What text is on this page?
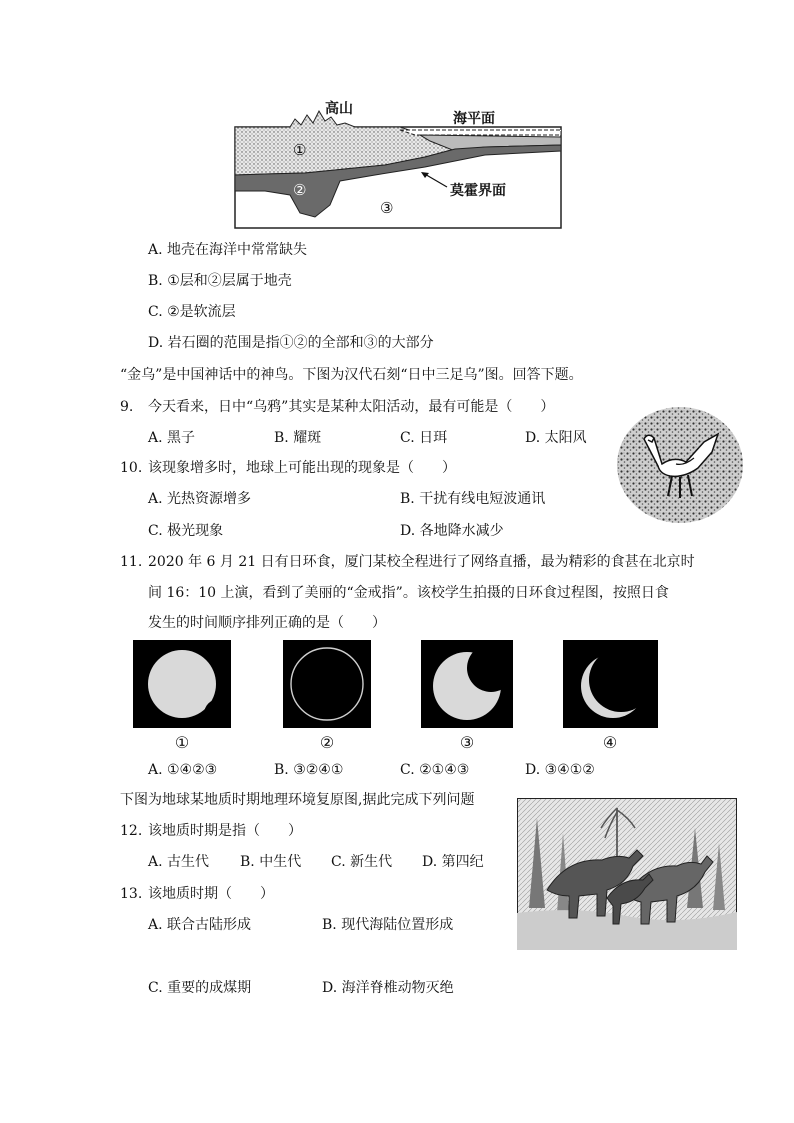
①
②
③
高山
海平面
莫霍界面
A. 地壳在海洋中常常缺失
B. ①层和②层属于地壳
C. ②是软流层
D. 岩石圈的范围是指①②的全部和③的大部分
“金乌”是中国神话中的神鸟。下图为汉代石刻“日中三足乌”图。回答下题。
9. 今天看来，日中“乌鸦”其实是某种太阳活动，最有可能是（　　）
A. 黑子	B. 耀斑	C. 日珥	D. 太阳风
10. 该现象增多时，地球上可能出现的现象是（　　）
A. 光热资源增多	B. 干扰有线电短波通讯
C. 极光现象	D. 各地降水减少
11. 2020 年 6 月 21 日有日环食，厦门某校全程进行了网络直播，最为精彩的食甚在北京时
间 16：10 上演，看到了美丽的“金戒指”。该校学生拍摄的日环食过程图，按照日食
发生的时间顺序排列正确的是（　　）
①	②	③	④
A. ①④②③	B. ③②④①	C. ②①④③	D. ③④①②
下图为地球某地质时期地理环境复原图,据此完成下列问题
12. 该地质时期是指（　　）
A. 古生代 B. 中生代 C. 新生代 D. 第四纪
13. 该地质时期（　　）
A. 联合古陆形成	B. 现代海陆位置形成
C. 重要的成煤期	D. 海洋脊椎动物灭绝
